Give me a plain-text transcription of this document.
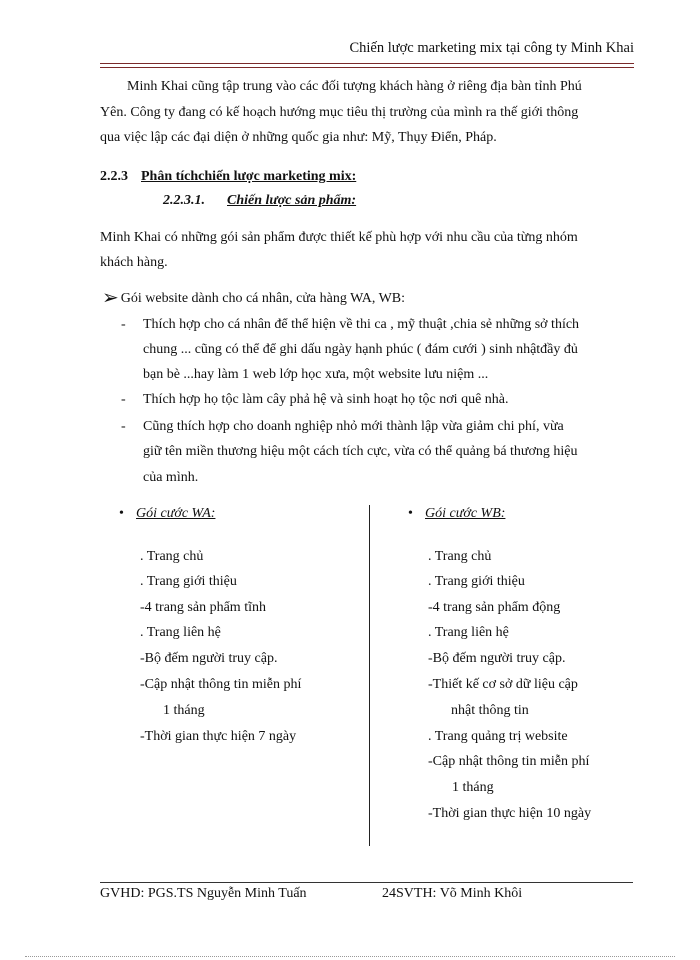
Chiến lược marketing mix tại công ty Minh Khai
Minh Khai cũng tập trung vào các đối tượng khách hàng ở riêng địa bàn tỉnh Phú
Yên. Công ty đang có kế hoạch hướng mục tiêu thị trường của mình ra thế giới thông
qua việc lập các đại diện ở những quốc gia như: Mỹ, Thụy Điển, Pháp.
2.2.3 Phân tíchchiến lược marketing mix:
2.2.3.1. Chiến lược sản phẩm:
Minh Khai có những gói sản phẩm được thiết kế phù hợp với nhu cầu của từng nhóm
khách hàng.
➢ Gói website dành cho cá nhân, cửa hàng WA, WB:
- Thích hợp cho cá nhân để thể hiện về thi ca , mỹ thuật ,chia sẻ những sở thích
chung ... cũng có thể để ghi dấu ngày hạnh phúc ( đám cưới ) sinh nhậtđầy đủ
bạn bè ...hay làm 1 web lớp học xưa, một website lưu niệm ...
- Thích hợp họ tộc làm cây phả hệ và sinh hoạt họ tộc nơi quê nhà.
- Cũng thích hợp cho doanh nghiệp nhỏ mới thành lập vừa giảm chi phí, vừa
giữ tên miền thương hiệu một cách tích cực, vừa có thể quảng bá thương hiệu
của mình.
• Gói cước WA:
. Trang chủ
. Trang giới thiệu
-4 trang sản phẩm tĩnh
. Trang liên hệ
-Bộ đếm người truy cập.
-Cập nhật thông tin miễn phí
1 tháng
-Thời gian thực hiện 7 ngày
• Gói cước WB:
. Trang chủ
. Trang giới thiệu
-4 trang sản phẩm động
. Trang liên hệ
-Bộ đếm người truy cập.
-Thiết kế cơ sở dữ liệu cập
nhật thông tin
. Trang quảng trị website
-Cập nhật thông tin miễn phí
1 tháng
-Thời gian thực hiện 10 ngày
GVHD: PGS.TS Nguyễn Minh Tuấn	24SVTH: Võ Minh Khôi
